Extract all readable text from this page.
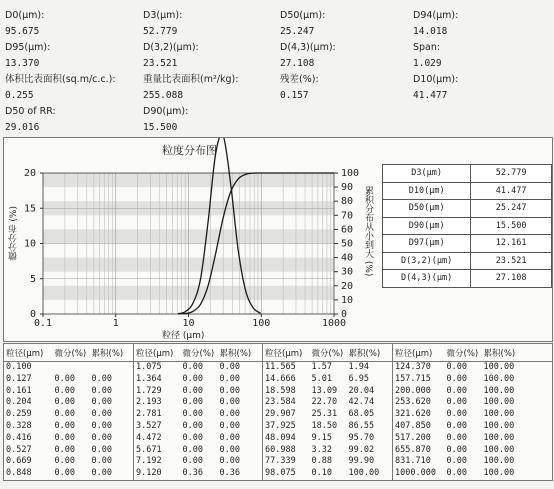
D0(μm):
95.675
D3(μm):
52.779
D50(μm):
25.247
D94(μm):
14.018
D95(μm):
13.370
D(3,2)(μm):
23.521
D(4,3)(μm):
27.108
Span:
1.029
体积比表面积(sq.m/c.c.):
0.255
重量比表面积(m²/kg):
255.088
残差(%):
0.157
D10(μm):
41.477
D50 of RR:
29.016
D90(μm):
15.500
粒度分布图
微分分布 (%)	累积分布从小到大 (%)
粒径 (μm)
0
5
10
15
20
0
10
20
30
40
50
60
70
80
90
100
0.1	1	10	100	1000
D3(μm)	52.779
D10(μm)	41.477
D50(μm)	25.247
D90(μm)	15.500
D97(μm)	12.161
D(3,2)(μm)	23.521
D(4,3)(μm)	27.108
粒径(μm)	微分(%)	累积(%)	粒径(μm)	微分(%)	累积(%)	粒径(μm)	微分(%)	累积(%)	粒径(μm)	微分(%)	累积(%)
0.100			1.075	0.00	0.00	11.565	1.57	1.94	124.370	0.00	100.00
0.127	0.00	0.00	1.364	0.00	0.00	14.666	5.01	6.95	157.715	0.00	100.00
0.161	0.00	0.00	1.729	0.00	0.00	18.598	13.09	20.04	200.000	0.00	100.00
0.204	0.00	0.00	2.193	0.00	0.00	23.584	22.70	42.74	253.620	0.00	100.00
0.259	0.00	0.00	2.781	0.00	0.00	29.907	25.31	68.05	321.620	0.00	100.00
0.328	0.00	0.00	3.527	0.00	0.00	37.925	18.50	86.55	407.850	0.00	100.00
0.416	0.00	0.00	4.472	0.00	0.00	48.094	9.15	95.70	517.200	0.00	100.00
0.527	0.00	0.00	5.671	0.00	0.00	60.988	3.32	99.02	655.870	0.00	100.00
0.669	0.00	0.00	7.192	0.00	0.00	77.339	0.88	99.90	831.710	0.00	100.00
0.848	0.00	0.00	9.120	0.36	0.36	98.075	0.10	100.00	1000.000	0.00	100.00
